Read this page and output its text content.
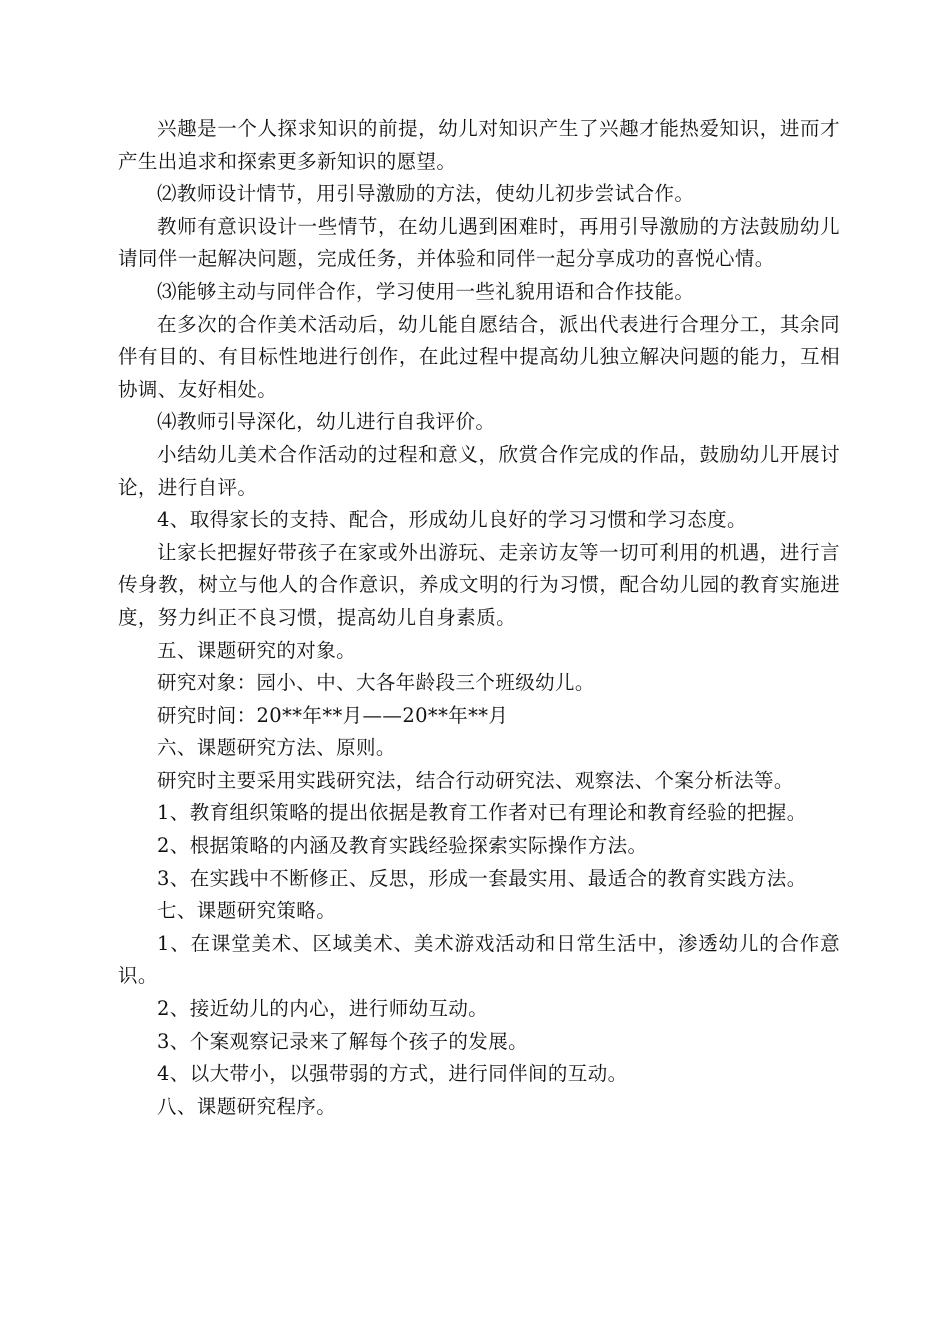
兴趣是一个人探求知识的前提，幼儿对知识产生了兴趣才能热爱知识，进而才产生出追求和探索更多新知识的愿望。

⑵教师设计情节，用引导激励的方法，使幼儿初步尝试合作。

教师有意识设计一些情节，在幼儿遇到困难时，再用引导激励的方法鼓励幼儿请同伴一起解决问题，完成任务，并体验和同伴一起分享成功的喜悦心情。

⑶能够主动与同伴合作，学习使用一些礼貌用语和合作技能。

在多次的合作美术活动后，幼儿能自愿结合，派出代表进行合理分工，其余同伴有目的、有目标性地进行创作，在此过程中提高幼儿独立解决问题的能力，互相协调、友好相处。

⑷教师引导深化，幼儿进行自我评价。

小结幼儿美术合作活动的过程和意义，欣赏合作完成的作品，鼓励幼儿开展讨论，进行自评。

4、取得家长的支持、配合，形成幼儿良好的学习习惯和学习态度。

让家长把握好带孩子在家或外出游玩、走亲访友等一切可利用的机遇，进行言传身教，树立与他人的合作意识，养成文明的行为习惯，配合幼儿园的教育实施进度，努力纠正不良习惯，提高幼儿自身素质。

五、课题研究的对象。

研究对象：园小、中、大各年龄段三个班级幼儿。

研究时间：20**年**月——20**年**月

六、课题研究方法、原则。

研究时主要采用实践研究法，结合行动研究法、观察法、个案分析法等。

1、教育组织策略的提出依据是教育工作者对已有理论和教育经验的把握。

2、根据策略的内涵及教育实践经验探索实际操作方法。

3、在实践中不断修正、反思，形成一套最实用、最适合的教育实践方法。

七、课题研究策略。

1、在课堂美术、区域美术、美术游戏活动和日常生活中，渗透幼儿的合作意识。

2、接近幼儿的内心，进行师幼互动。

3、个案观察记录来了解每个孩子的发展。

4、以大带小，以强带弱的方式，进行同伴间的互动。

八、课题研究程序。
